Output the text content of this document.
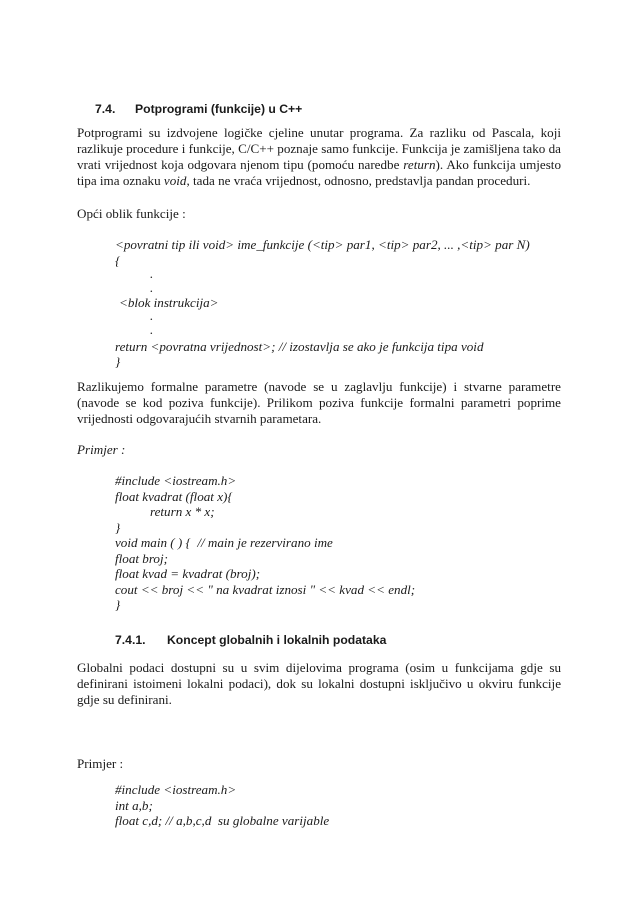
7.4. Potprogrami (funkcije) u C++

Potprogrami su izdvojene logičke cjeline unutar programa. Za razliku od Pascala, koji razlikuje procedure i funkcije, C/C++ poznaje samo funkcije. Funkcija je zamišljena tako da vrati vrijednost koja odgovara njenom tipu (pomoću naredbe return). Ako funkcija umjesto tipa ima oznaku void, tada ne vraća vrijednost, odnosno, predstavlja pandan proceduri.

Opći oblik funkcije :
<povratni tip ili void> ime_funkcije (<tip> par1, <tip> par2, ... ,<tip> par N)
{
.
.
<blok instrukcija>
.
.
return <povratna vrijednost>; // izostavlja se ako je funkcija tipa void
}

Razlikujemo formalne parametre (navode se u zaglavlju funkcije) i stvarne parametre (navode se kod poziva funkcije). Prilikom poziva funkcije formalni parametri poprime vrijednosti odgovarajućih stvarnih parametara.

Primjer :
#include <iostream.h>
float kvadrat (float x){
return x * x;
}
void main ( ) {  // main je rezervirano ime
float broj;
float kvad = kvadrat (broj);
cout << broj << " na kvadrat iznosi " << kvad << endl;
}
7.4.1. Koncept globalnih i lokalnih podataka

Globalni podaci dostupni su u svim dijelovima programa (osim u funkcijama gdje su definirani istoimeni lokalni podaci), dok su lokalni dostupni isključivo u okviru funkcije gdje su definirani.

Primjer :
#include <iostream.h>
int a,b;
float c,d; // a,b,c,d  su globalne varijable
